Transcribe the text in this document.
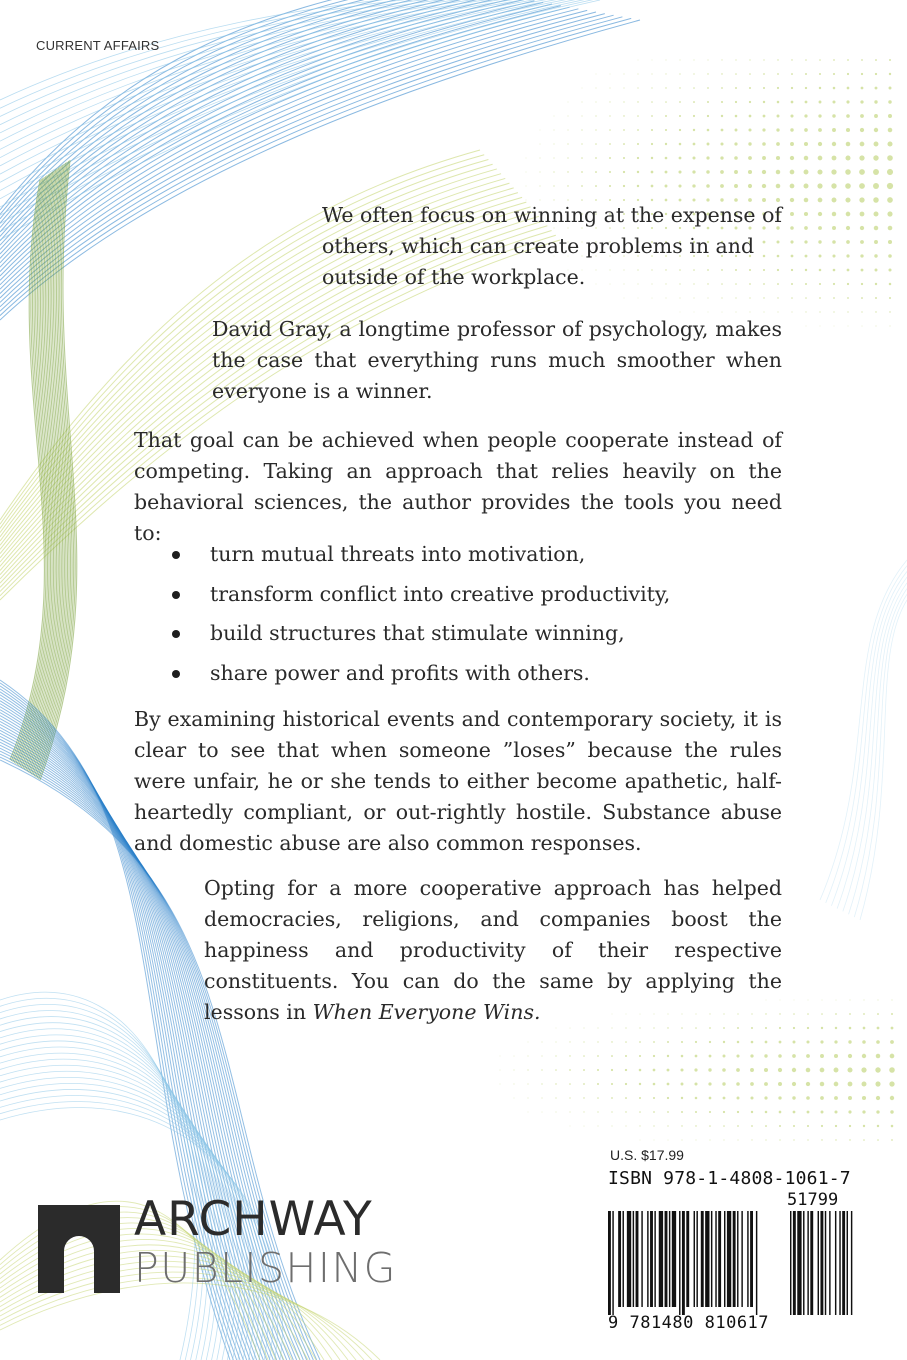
CURRENT AFFAIRS

We often focus on winning at the expense of others, which can create problems in and outside of the workplace.

David Gray, a longtime professor of psychology, makes the case that everything runs much smoother when everyone is a winner.

That goal can be achieved when people cooperate instead of competing. Taking an approach that relies heavily on the behavioral sciences, the author provides the tools you need to:

turn mutual threats into motivation,
transform conflict into creative productivity,
build structures that stimulate winning,
share power and profits with others.

By examining historical events and contemporary society, it is clear to see that when someone ”loses” because the rules were unfair, he or she tends to either become apathetic, half-heartedly compliant, or out-rightly hostile. Substance abuse and domestic abuse are also common responses.

Opting for a more cooperative approach has helped democracies, religions, and companies boost the happiness and productivity of their respective constituents. You can do the same by applying the lessons in When Everyone Wins.

ARCHWAY
PUBLISHING
U.S. $17.99
ISBN 978-1-4808-1061-7
51799
9 781480 810617
